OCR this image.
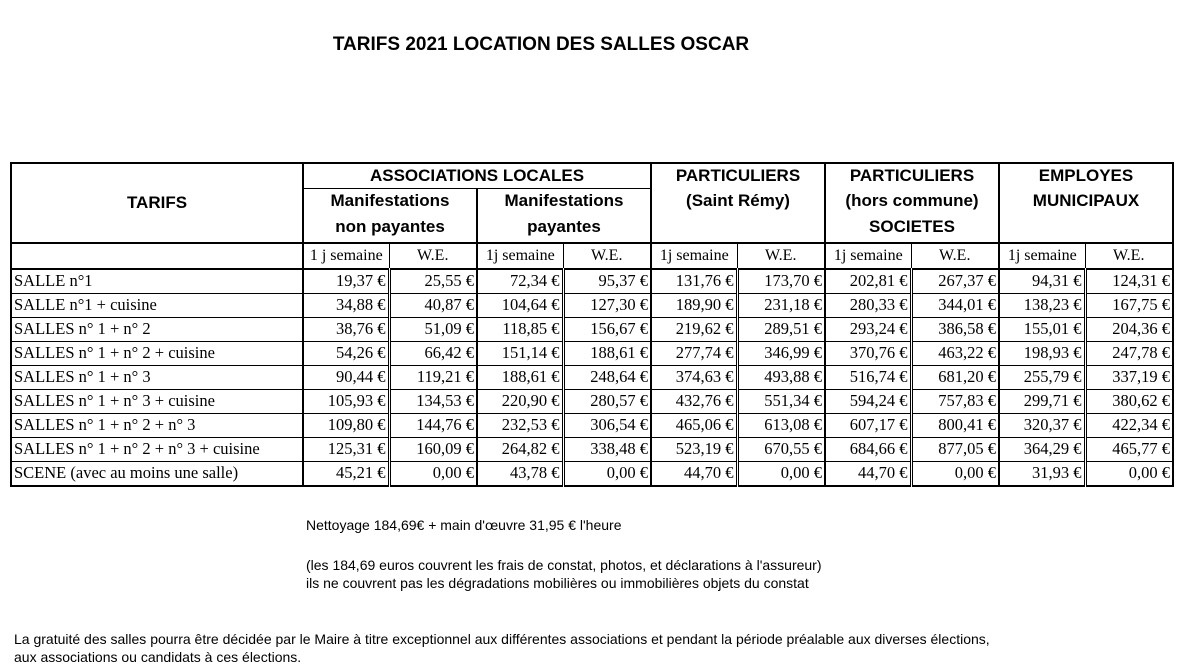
TARIFS 2021 LOCATION DES SALLES OSCAR
TARIFS	ASSOCIATIONS LOCALES				PARTICULIERS		PARTICULIERS		EMPLOYES	
	Manifestations		Manifestations		(Saint Rémy)		(hors commune)		MUNICIPAUX	
	non payantes		payantes				SOCIETES			
	1 j semaine	W.E.	1j semaine	W.E.	1j semaine	W.E.	1j semaine	W.E.	1j semaine	W.E.
SALLE n°1	19,37 €	25,55 €	72,34 €	95,37 €	131,76 €	173,70 €	202,81 €	267,37 €	94,31 €	124,31 €
SALLE n°1 + cuisine	34,88 €	40,87 €	104,64 €	127,30 €	189,90 €	231,18 €	280,33 €	344,01 €	138,23 €	167,75 €
SALLES n° 1 + n° 2	38,76 €	51,09 €	118,85 €	156,67 €	219,62 €	289,51 €	293,24 €	386,58 €	155,01 €	204,36 €
SALLES n° 1 + n° 2 + cuisine	54,26 €	66,42 €	151,14 €	188,61 €	277,74 €	346,99 €	370,76 €	463,22 €	198,93 €	247,78 €
SALLES n° 1 + n° 3	90,44 €	119,21 €	188,61 €	248,64 €	374,63 €	493,88 €	516,74 €	681,20 €	255,79 €	337,19 €
SALLES n° 1 + n° 3 + cuisine	105,93 €	134,53 €	220,90 €	280,57 €	432,76 €	551,34 €	594,24 €	757,83 €	299,71 €	380,62 €
SALLES n° 1 + n° 2 + n° 3	109,80 €	144,76 €	232,53 €	306,54 €	465,06 €	613,08 €	607,17 €	800,41 €	320,37 €	422,34 €
SALLES n° 1 + n° 2 + n° 3 + cuisine	125,31 €	160,09 €	264,82 €	338,48 €	523,19 €	670,55 €	684,66 €	877,05 €	364,29 €	465,77 €
SCENE (avec au moins une salle)	45,21 €	0,00 €	43,78 €	0,00 €	44,70 €	0,00 €	44,70 €	0,00 €	31,93 €	0,00 €
Nettoyage 184,69€ + main d'œuvre 31,95 € l'heure
(les 184,69 euros couvrent les frais de constat, photos, et déclarations à l'assureur)
ils ne couvrent pas les dégradations mobilières ou immobilières objets du constat
La gratuité des salles pourra être décidée par le Maire à titre exceptionnel aux différentes associations et pendant la période préalable aux diverses élections,
aux associations ou candidats à ces élections.
